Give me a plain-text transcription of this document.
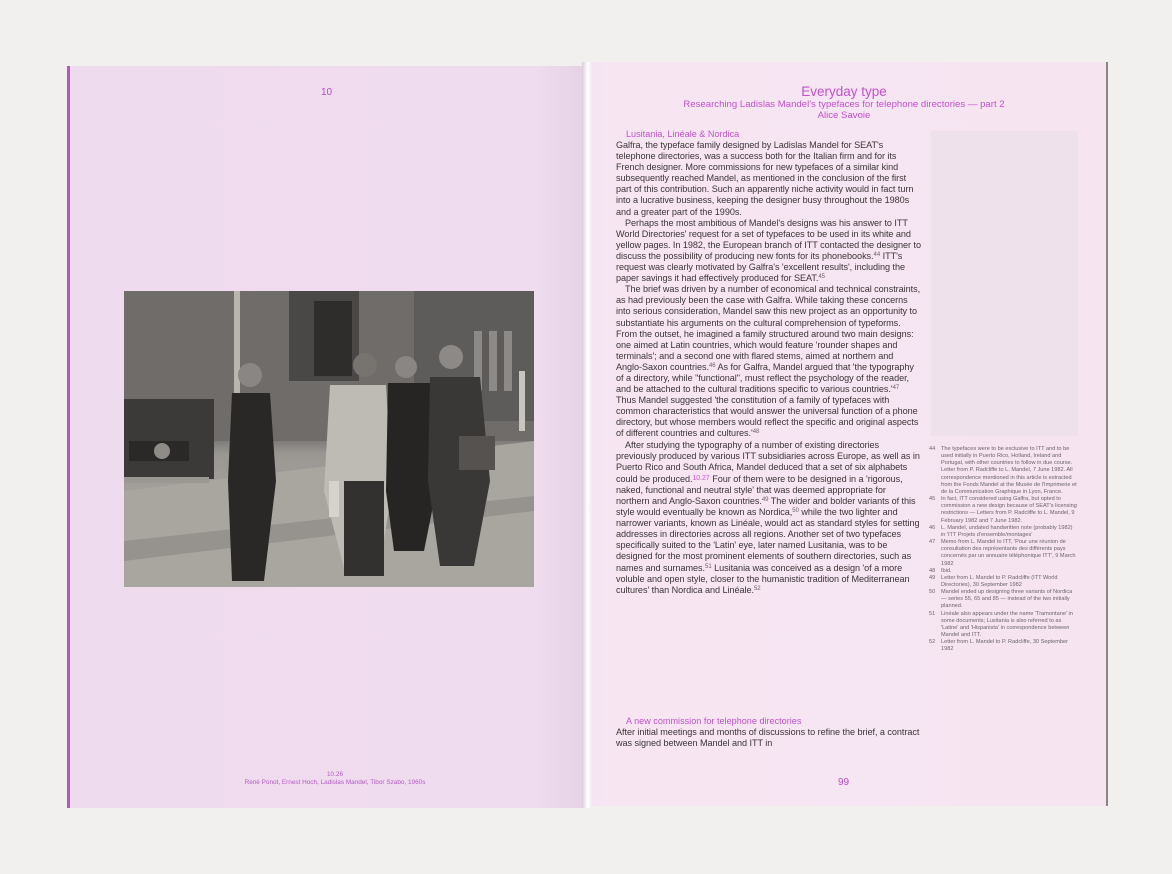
10
10.26
René Ponot, Ernest Hoch, Ladislas Mandel, Tibor Szabo, 1960s
Everyday type
Researching Ladislas Mandel's typefaces for telephone directories — part 2
Alice Savoie
Lusitania, Linéale & Nordica

Galfra, the typeface family designed by Ladislas Mandel for SEAT's telephone directories, was a success both for the Italian firm and for its French designer. More commissions for new typefaces of a similar kind subsequently reached Mandel, as mentioned in the conclusion of the first part of this contribution. Such an apparently niche activity would in fact turn into a lucrative business, keeping the designer busy throughout the 1980s and a greater part of the 1990s.

Perhaps the most ambitious of Mandel's designs was his answer to ITT World Directories' request for a set of typefaces to be used in its white and yellow pages. In 1982, the European branch of ITT contacted the designer to discuss the possibility of producing new fonts for its phonebooks.$^{44}$ ITT's request was clearly motivated by Galfra's 'excellent results', including the paper savings it had effectively produced for SEAT.$^{45}$

The brief was driven by a number of economical and technical constraints, as had previously been the case with Galfra. While taking these concerns into serious consideration, Mandel saw this new project as an opportunity to substantiate his arguments on the cultural comprehension of typeforms. From the outset, he imagined a family structured around two main designs: one aimed at Latin countries, which would feature 'rounder shapes and terminals'; and a second one with flared stems, aimed at northern and Anglo-Saxon countries.$^{46}$ As for Galfra, Mandel argued that 'the typography of a directory, while "functional", must reflect the psychology of the reader, and be attached to the cultural traditions specific to various countries.'$^{47}$ Thus Mandel suggested 'the constitution of a family of typefaces with common characteristics that would answer the universal function of a phone directory, but whose members would reflect the specific and original aspects of different countries and cultures.'$^{48}$

After studying the typography of a number of existing directories previously produced by various ITT subsidiaries across Europe, as well as in Puerto Rico and South Africa, Mandel deduced that a set of six alphabets could be produced.$^{10.27}$ Four of them were to be designed in a 'rigorous, naked, functional and neutral style' that was deemed appropriate for northern and Anglo-Saxon countries.$^{49}$ The wider and bolder variants of this style would eventually be known as Nordica,$^{50}$ while the two lighter and narrower variants, known as Linéale, would act as standard styles for setting addresses in directories across all regions. Another set of two typefaces specifically suited to the 'Latin' eye, later named Lusitania, was to be designed for the most prominent elements of southern directories, such as names and surnames.$^{51}$ Lusitania was conceived as a design 'of a more voluble and open style, closer to the humanistic tradition of Mediterranean cultures' than Nordica and Linéale.$^{52}$

A new commission for telephone directories

After initial meetings and months of discussions to refine the brief, a contract was signed between Mandel and ITT in

44	The typefaces were to be exclusive to ITT and to be used initially in Puerto Rico, Holland, Ireland and Portugal, with other countries to follow in due course. Letter from P. Radcliffe to L. Mandel, 7 June 1982. All correspondence mentioned in this article is extracted from the Fonds Mandel at the Musée de l'Imprimerie et de la Communication Graphique in Lyon, France.
45	In fact, ITT considered using Galfra, but opted to commission a new design because of SEAT's licensing restrictions — Letters from P. Radcliffe to L. Mandel, 9 February 1982 and 7 June 1982.
46	L. Mandel, undated handwritten note (probably 1982) in 'ITT Projets d'ensemble/montages'
47	Memo from L. Mandel to ITT, 'Pour une réunion de consultation des représentants des différents pays concernés par un annuaire téléphonique ITT', 9 March 1982
48	Ibid.
49	Letter from L. Mandel to P. Radcliffe (ITT World Directories), 30 September 1982
50	Mandel ended up designing three variants of Nordica — series 55, 65 and 85 — instead of the two initially planned.
51	Linéale also appears under the name 'Tramontane' in some documents; Lusitania is also referred to as 'Latine' and 'Hispanista' in correspondence between Mandel and ITT.
52	Letter from L. Mandel to P. Radcliffe, 30 September 1982
99
